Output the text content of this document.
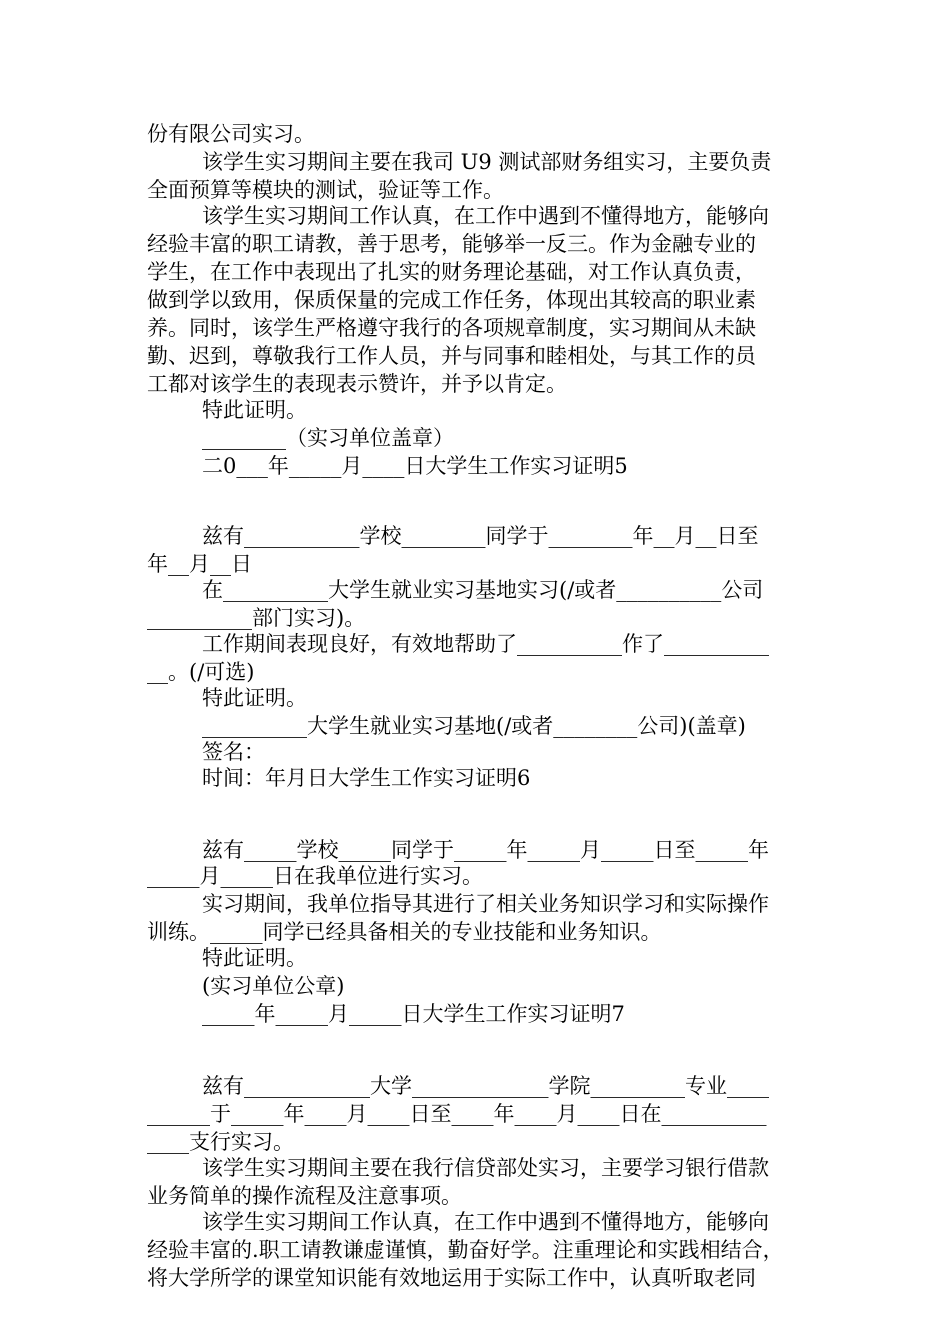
份有限公司实习。
该学生实习期间主要在我司 U9 测试部财务组实习，主要负责
全面预算等模块的测试，验证等工作。
该学生实习期间工作认真，在工作中遇到不懂得地方，能够向
经验丰富的职工请教，善于思考，能够举一反三。作为金融专业的
学生，在工作中表现出了扎实的财务理论基础，对工作认真负责，
做到学以致用，保质保量的完成工作任务，体现出其较高的职业素
养。同时，该学生严格遵守我行的各项规章制度，实习期间从未缺
勤、迟到，尊敬我行工作人员，并与同事和睦相处，与其工作的员
工都对该学生的表现表示赞许，并予以肯定。
特此证明。
________（实习单位盖章）
二0___年_____月____日大学生工作实习证明5
兹有___________学校________同学于________年__月__日至
年__月__日
在__________大学生就业实习基地实习(/或者__________公司
__________部门实习)。
工作期间表现良好，有效地帮助了__________作了__________
__。(/可选)
特此证明。
__________大学生就业实习基地(/或者________公司)(盖章)
签名：
时间：年月日大学生工作实习证明6
兹有_____学校_____同学于_____年_____月_____日至_____年
_____月_____日在我单位进行实习。
实习期间，我单位指导其进行了相关业务知识学习和实际操作
训练。_____同学已经具备相关的专业技能和业务知识。
特此证明。
(实习单位公章)
_____年_____月_____日大学生工作实习证明7
兹有____________大学_____________学院_________专业____
______于_____年____月____日至____年____月____日在__________
____支行实习。
该学生实习期间主要在我行信贷部处实习，主要学习银行借款
业务简单的操作流程及注意事项。
该学生实习期间工作认真，在工作中遇到不懂得地方，能够向
经验丰富的.职工请教谦虚谨慎，勤奋好学。注重理论和实践相结合，
将大学所学的课堂知识能有效地运用于实际工作中，认真听取老同
